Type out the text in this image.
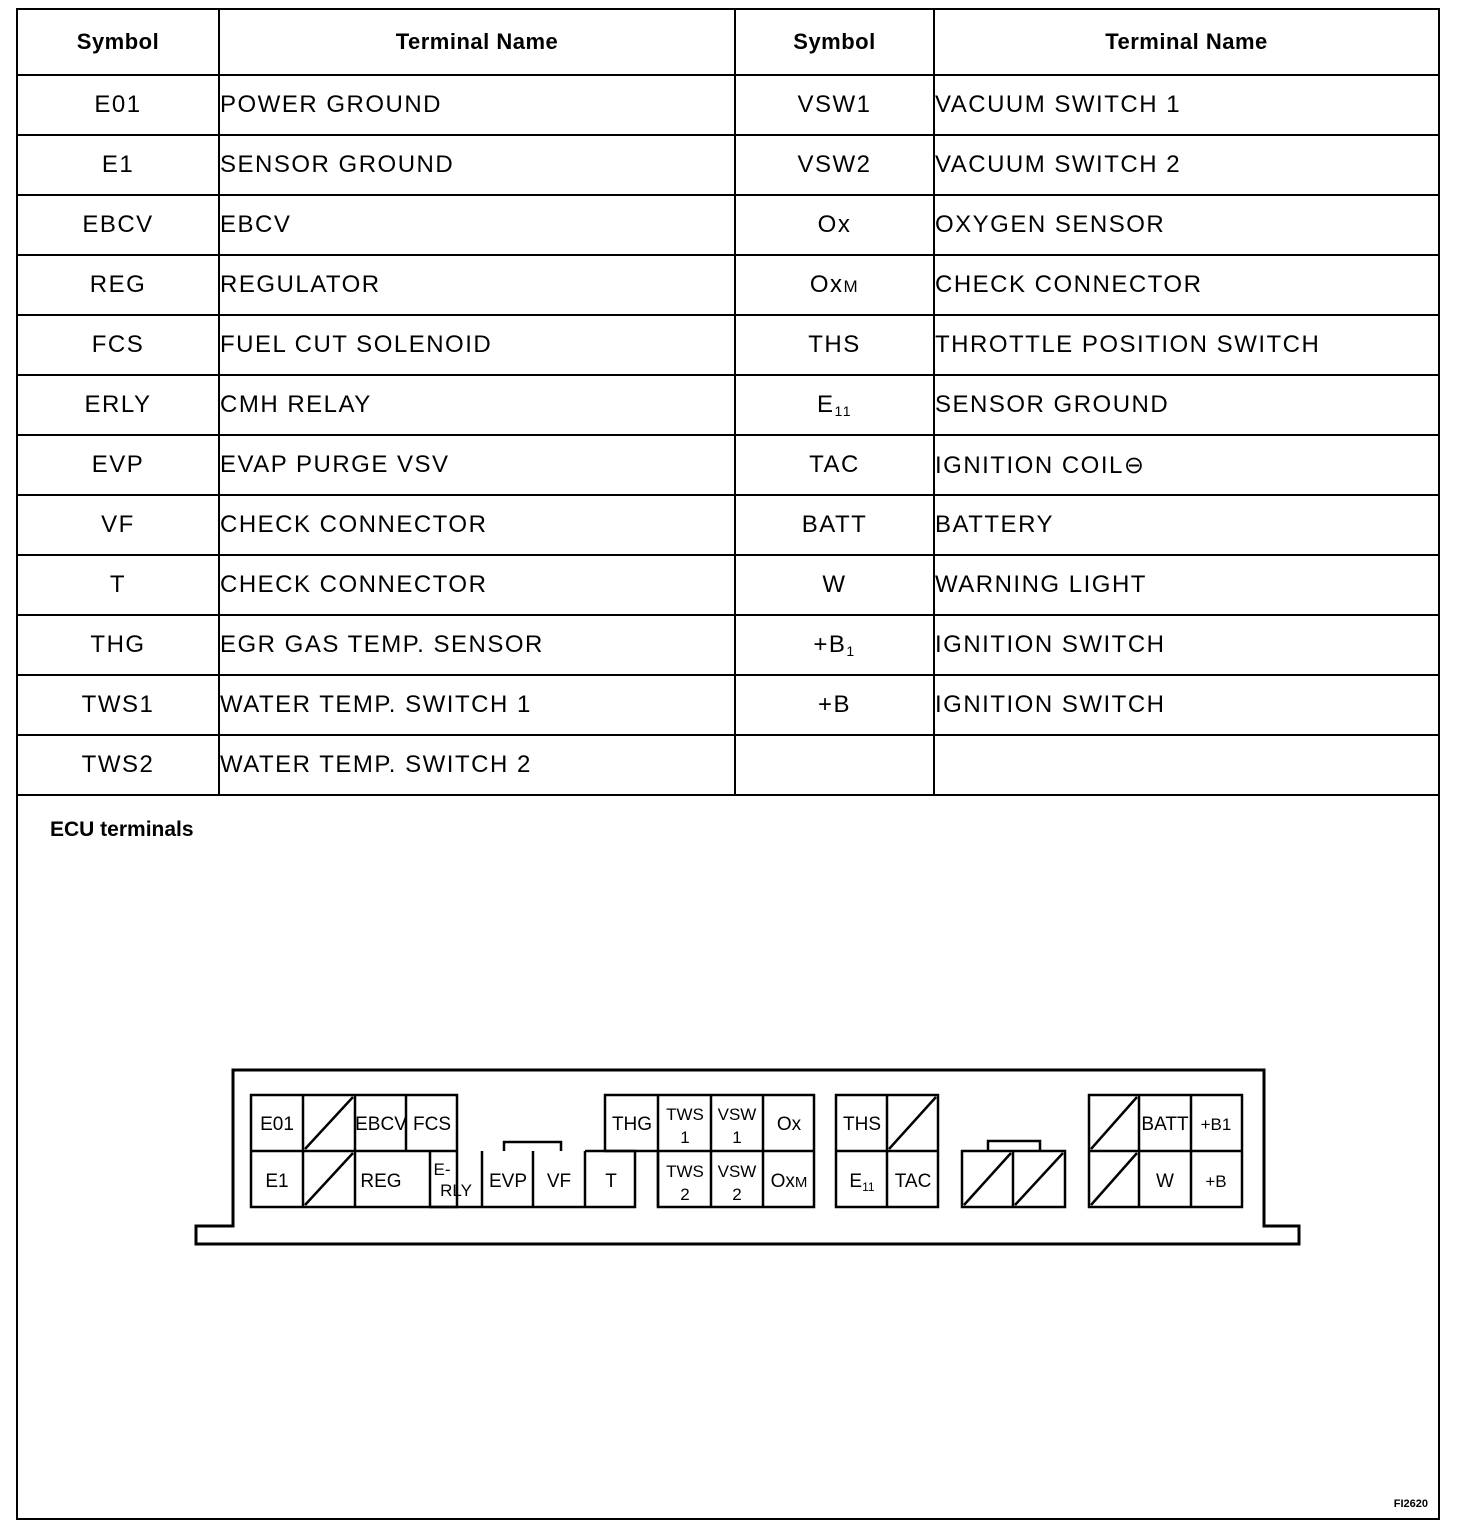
Symbol	Terminal Name	Symbol	Terminal Name
E01	POWER GROUND	VSW1	VACUUM SWITCH 1
E1	SENSOR GROUND	VSW2	VACUUM SWITCH 2
EBCV	EBCV	Ox	OXYGEN SENSOR
REG	REGULATOR	OxM	CHECK CONNECTOR
FCS	FUEL CUT SOLENOID	THS	THROTTLE POSITION SWITCH
ERLY	CMH RELAY	$E_{11}$	SENSOR GROUND
EVP	EVAP PURGE VSV	TAC	IGNITION COIL⊖
VF	CHECK CONNECTOR	BATT	BATTERY
T	CHECK CONNECTOR	W	WARNING LIGHT
THG	EGR GAS TEMP. SENSOR	$+B_1$	IGNITION SWITCH
TWS1	WATER TEMP. SWITCH 1	+B	IGNITION SWITCH
TWS2	WATER TEMP. SWITCH 2		
ECU terminals
E01	EBCV FCS
E1	REG
E-
RLY EVP VF T
THG TWS
1
VSW
1
Ox
TWS
2
VSW
2
OxM
THS
$E_{11}$ TAC
BATT +B1
W +B
FI2620
